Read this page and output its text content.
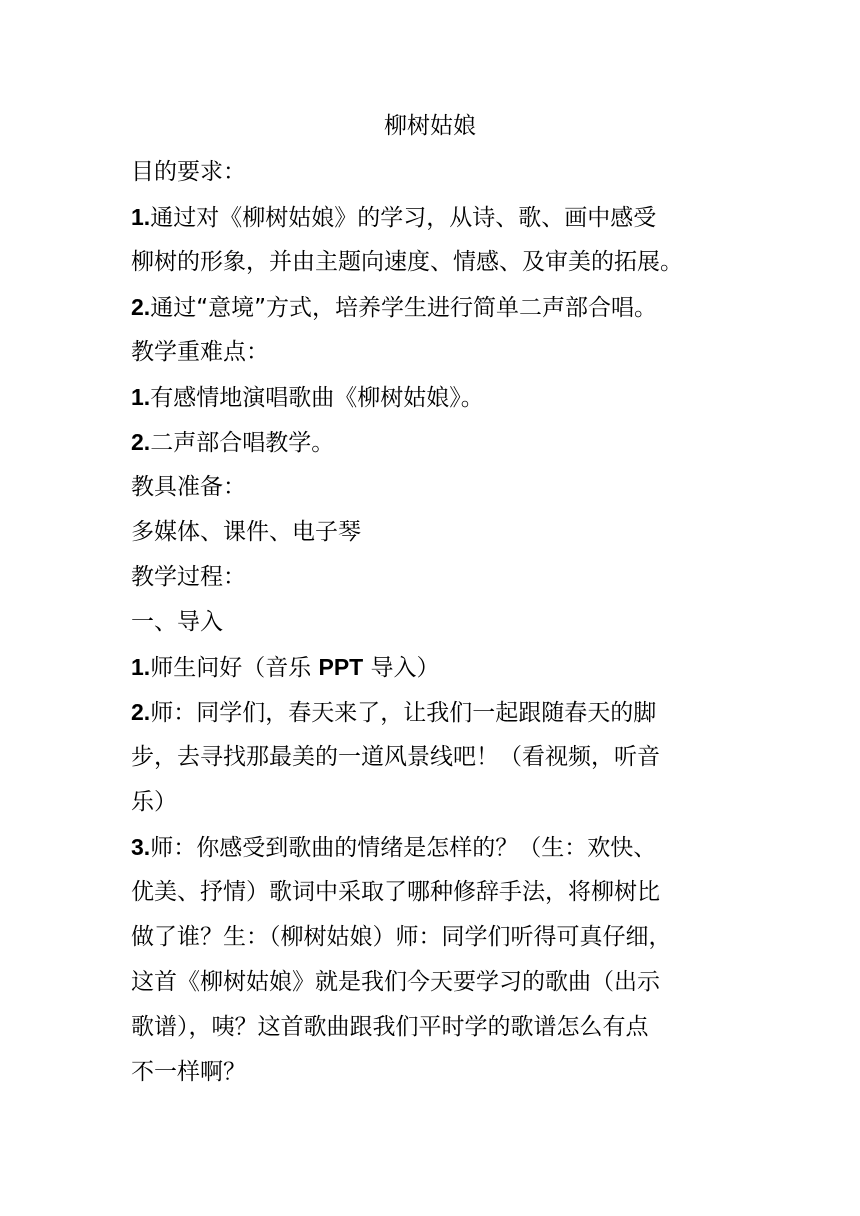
柳树姑娘

目的要求：

1.通过对《柳树姑娘》的学习，从诗、歌、画中感受

柳树的形象，并由主题向速度、情感、及审美的拓展。

2.通过“意境”方式，培养学生进行简单二声部合唱。

教学重难点：

1.有感情地演唱歌曲《柳树姑娘》。

2.二声部合唱教学。

教具准备：

多媒体、课件、电子琴

教学过程：

一、导入

1.师生问好（音乐 PPT 导入）

2.师：同学们，春天来了，让我们一起跟随春天的脚

步，去寻找那最美的一道风景线吧！（看视频，听音

乐）

3.师：你感受到歌曲的情绪是怎样的？（生：欢快、

优美、抒情）歌词中采取了哪种修辞手法，将柳树比

做了谁？生：（柳树姑娘）师：同学们听得可真仔细，

这首《柳树姑娘》就是我们今天要学习的歌曲（出示

歌谱），咦？这首歌曲跟我们平时学的歌谱怎么有点

不一样啊？
